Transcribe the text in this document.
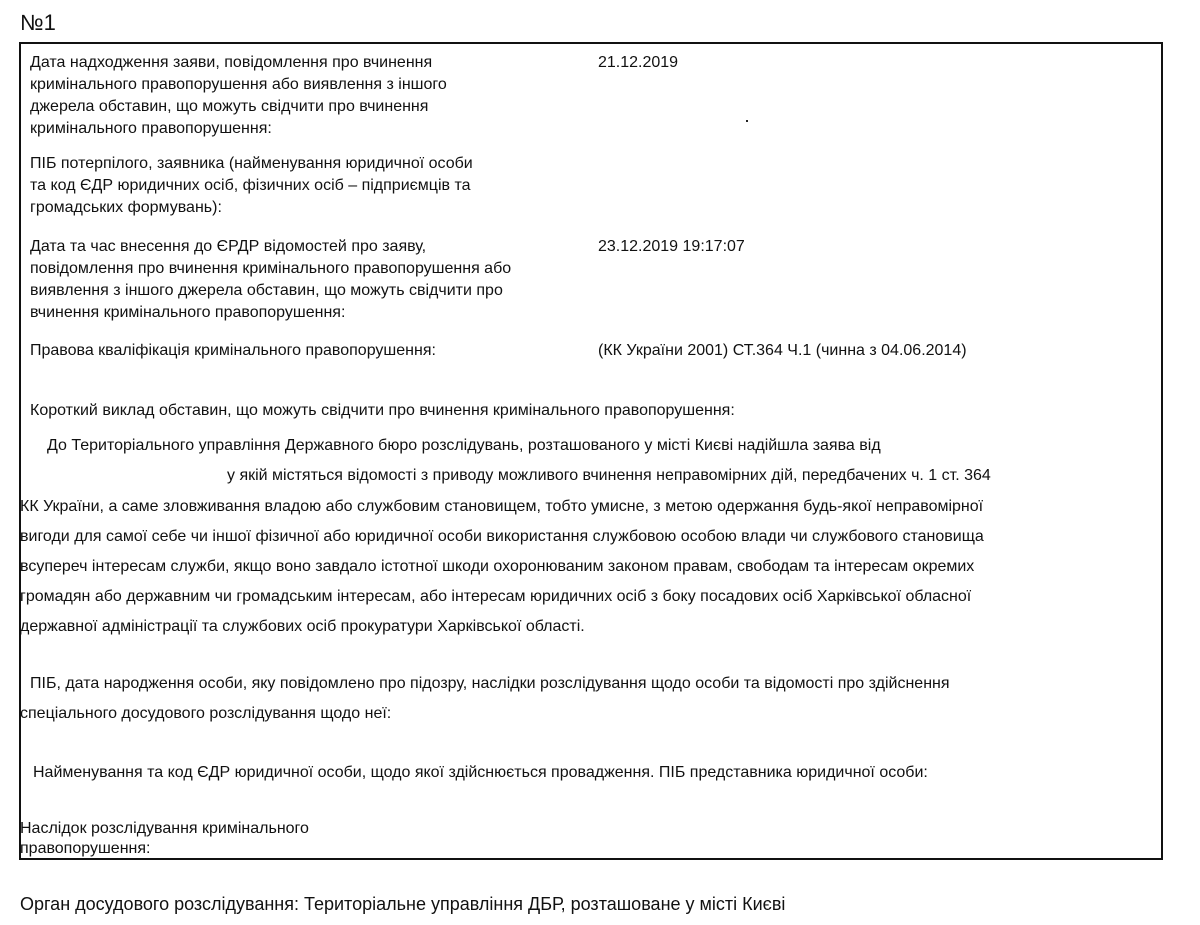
№1
Дата надходження заяви, повідомлення про вчинення
кримінального правопорушення або виявлення з іншого
джерела обставин, що можуть свідчити про вчинення
кримінального правопорушення:
21.12.2019
ПІБ потерпілого, заявника (найменування юридичної особи
та код ЄДР юридичних осіб, фізичних осіб – підприємців та
громадських формувань):
Дата та час внесення до ЄРДР відомостей про заяву,
повідомлення про вчинення кримінального правопорушення або
виявлення з іншого джерела обставин, що можуть свідчити про
вчинення кримінального правопорушення:
23.12.2019 19:17:07
Правова кваліфікація кримінального правопорушення:	(КК України 2001) СТ.364 Ч.1 (чинна з 04.06.2014)
Короткий виклад обставин, що можуть свідчити про вчинення кримінального правопорушення:
До Територіального управління Державного бюро розслідувань, розташованого у місті Києві надійшла заява від
у якій містяться відомості з приводу можливого вчинення неправомірних дій, передбачених ч. 1 ст. 364
КК України, а саме зловживання владою або службовим становищем, тобто умисне, з метою одержання будь-якої неправомірної
вигоди для самої себе чи іншої фізичної або юридичної особи використання службовою особою влади чи службового становища
всупереч інтересам служби, якщо воно завдало істотної шкоди охоронюваним законом правам, свободам та інтересам окремих
громадян або державним чи громадським інтересам, або інтересам юридичних осіб з боку посадових осіб Харківської обласної
державної адміністрації та службових осіб прокуратури Харківської області.
ПІБ, дата народження особи, яку повідомлено про підозру, наслідки розслідування щодо особи та відомості про здійснення
спеціального досудового розслідування щодо неї:
Найменування та код ЄДР юридичної особи, щодо якої здійснюється провадження. ПІБ представника юридичної особи:
Наслідок розслідування кримінального
правопорушення:
Орган досудового розслідування: Територіальне управління ДБР, розташоване у місті Києві
